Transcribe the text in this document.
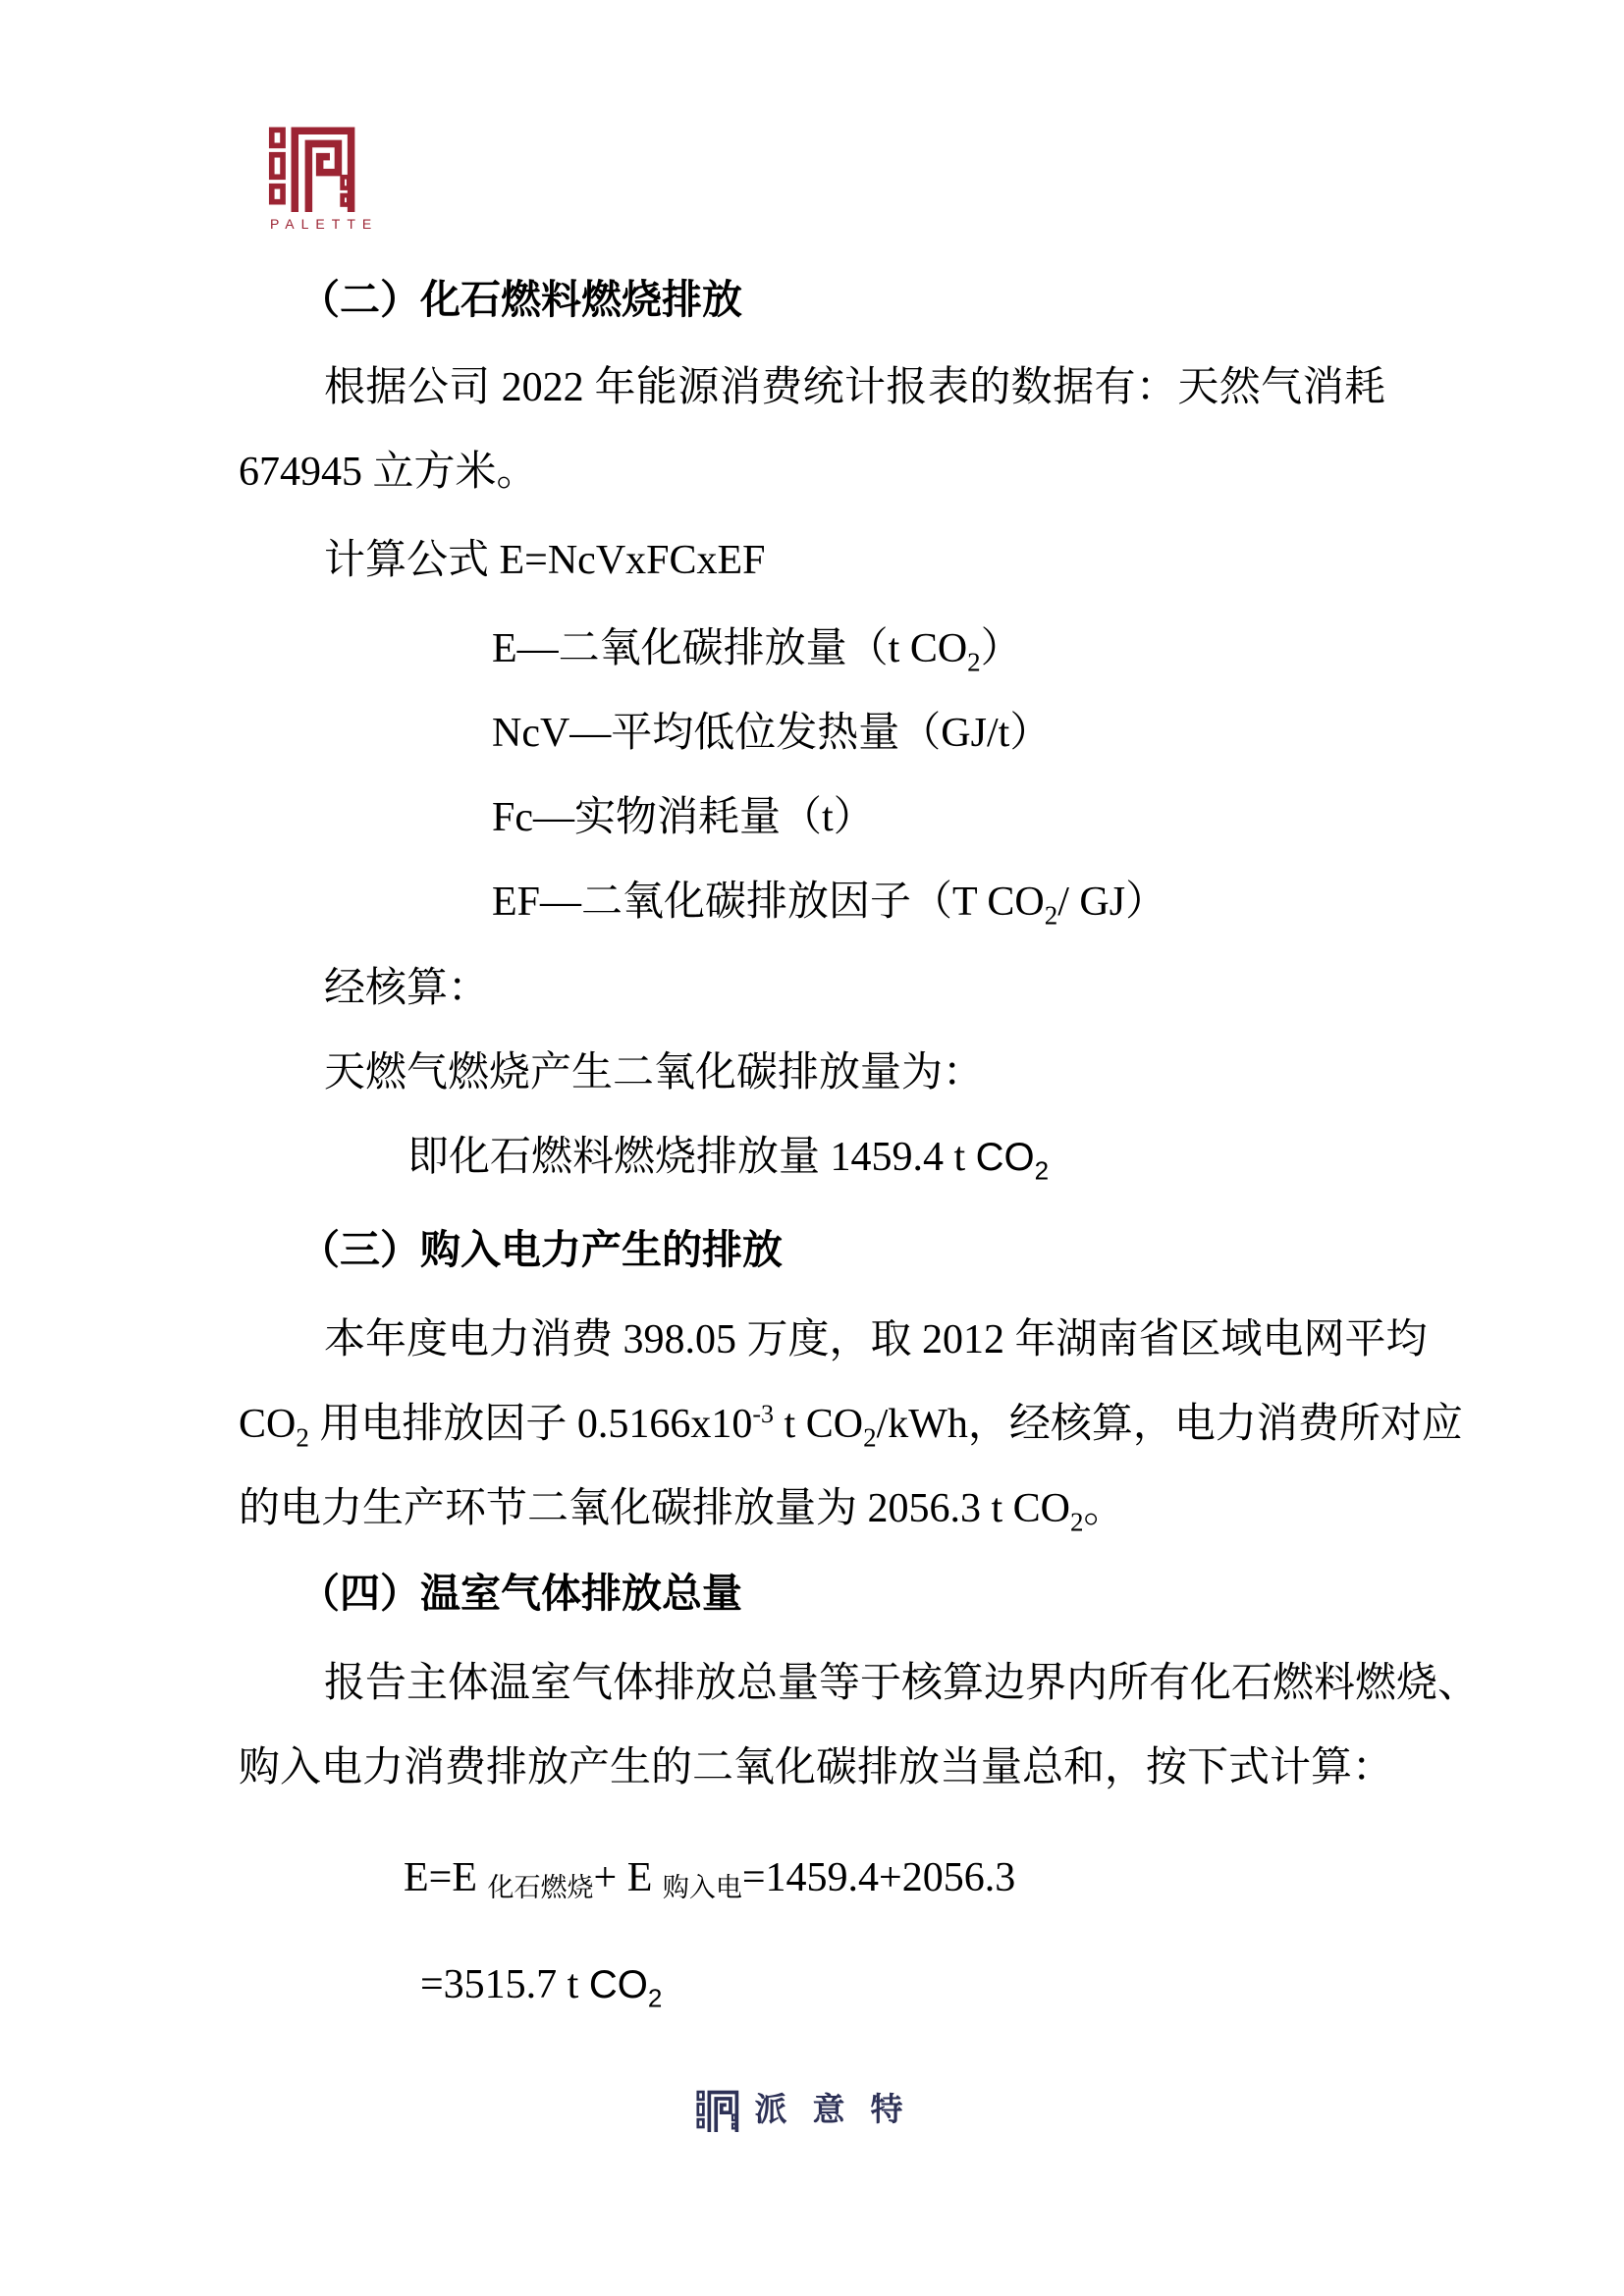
PALETTE
（二）化石燃料燃烧排放
根据公司 2022 年能源消费统计报表的数据有：天然气消耗
674945 立方米。
计算公式 E=NcVxFCxEF
E—二氧化碳排放量（t $CO_2$）
NcV—平均低位发热量（GJ/t）
Fc—实物消耗量（t）
EF—二氧化碳排放因子（T $CO_2/$ GJ）
经核算：
天燃气燃烧产生二氧化碳排放量为：
即化石燃料燃烧排放量 1459.4 t $CO_2$
（三）购入电力产生的排放
本年度电力消费 398.05 万度，取 2012 年湖南省区域电网平均
$CO_2$ 用电排放因子 $0.5166x10^{-3}$ t $CO_2$/kWh，经核算，电力消费所对应
的电力生产环节二氧化碳排放量为 2056.3 t $CO_2$。
（四）温室气体排放总量
报告主体温室气体排放总量等于核算边界内所有化石燃料燃烧、
购入电力消费排放产生的二氧化碳排放当量总和，按下式计算：
E=E 化石燃烧+ E 购入电=1459.4+2056.3
=3515.7 t $CO_2$
派意特
